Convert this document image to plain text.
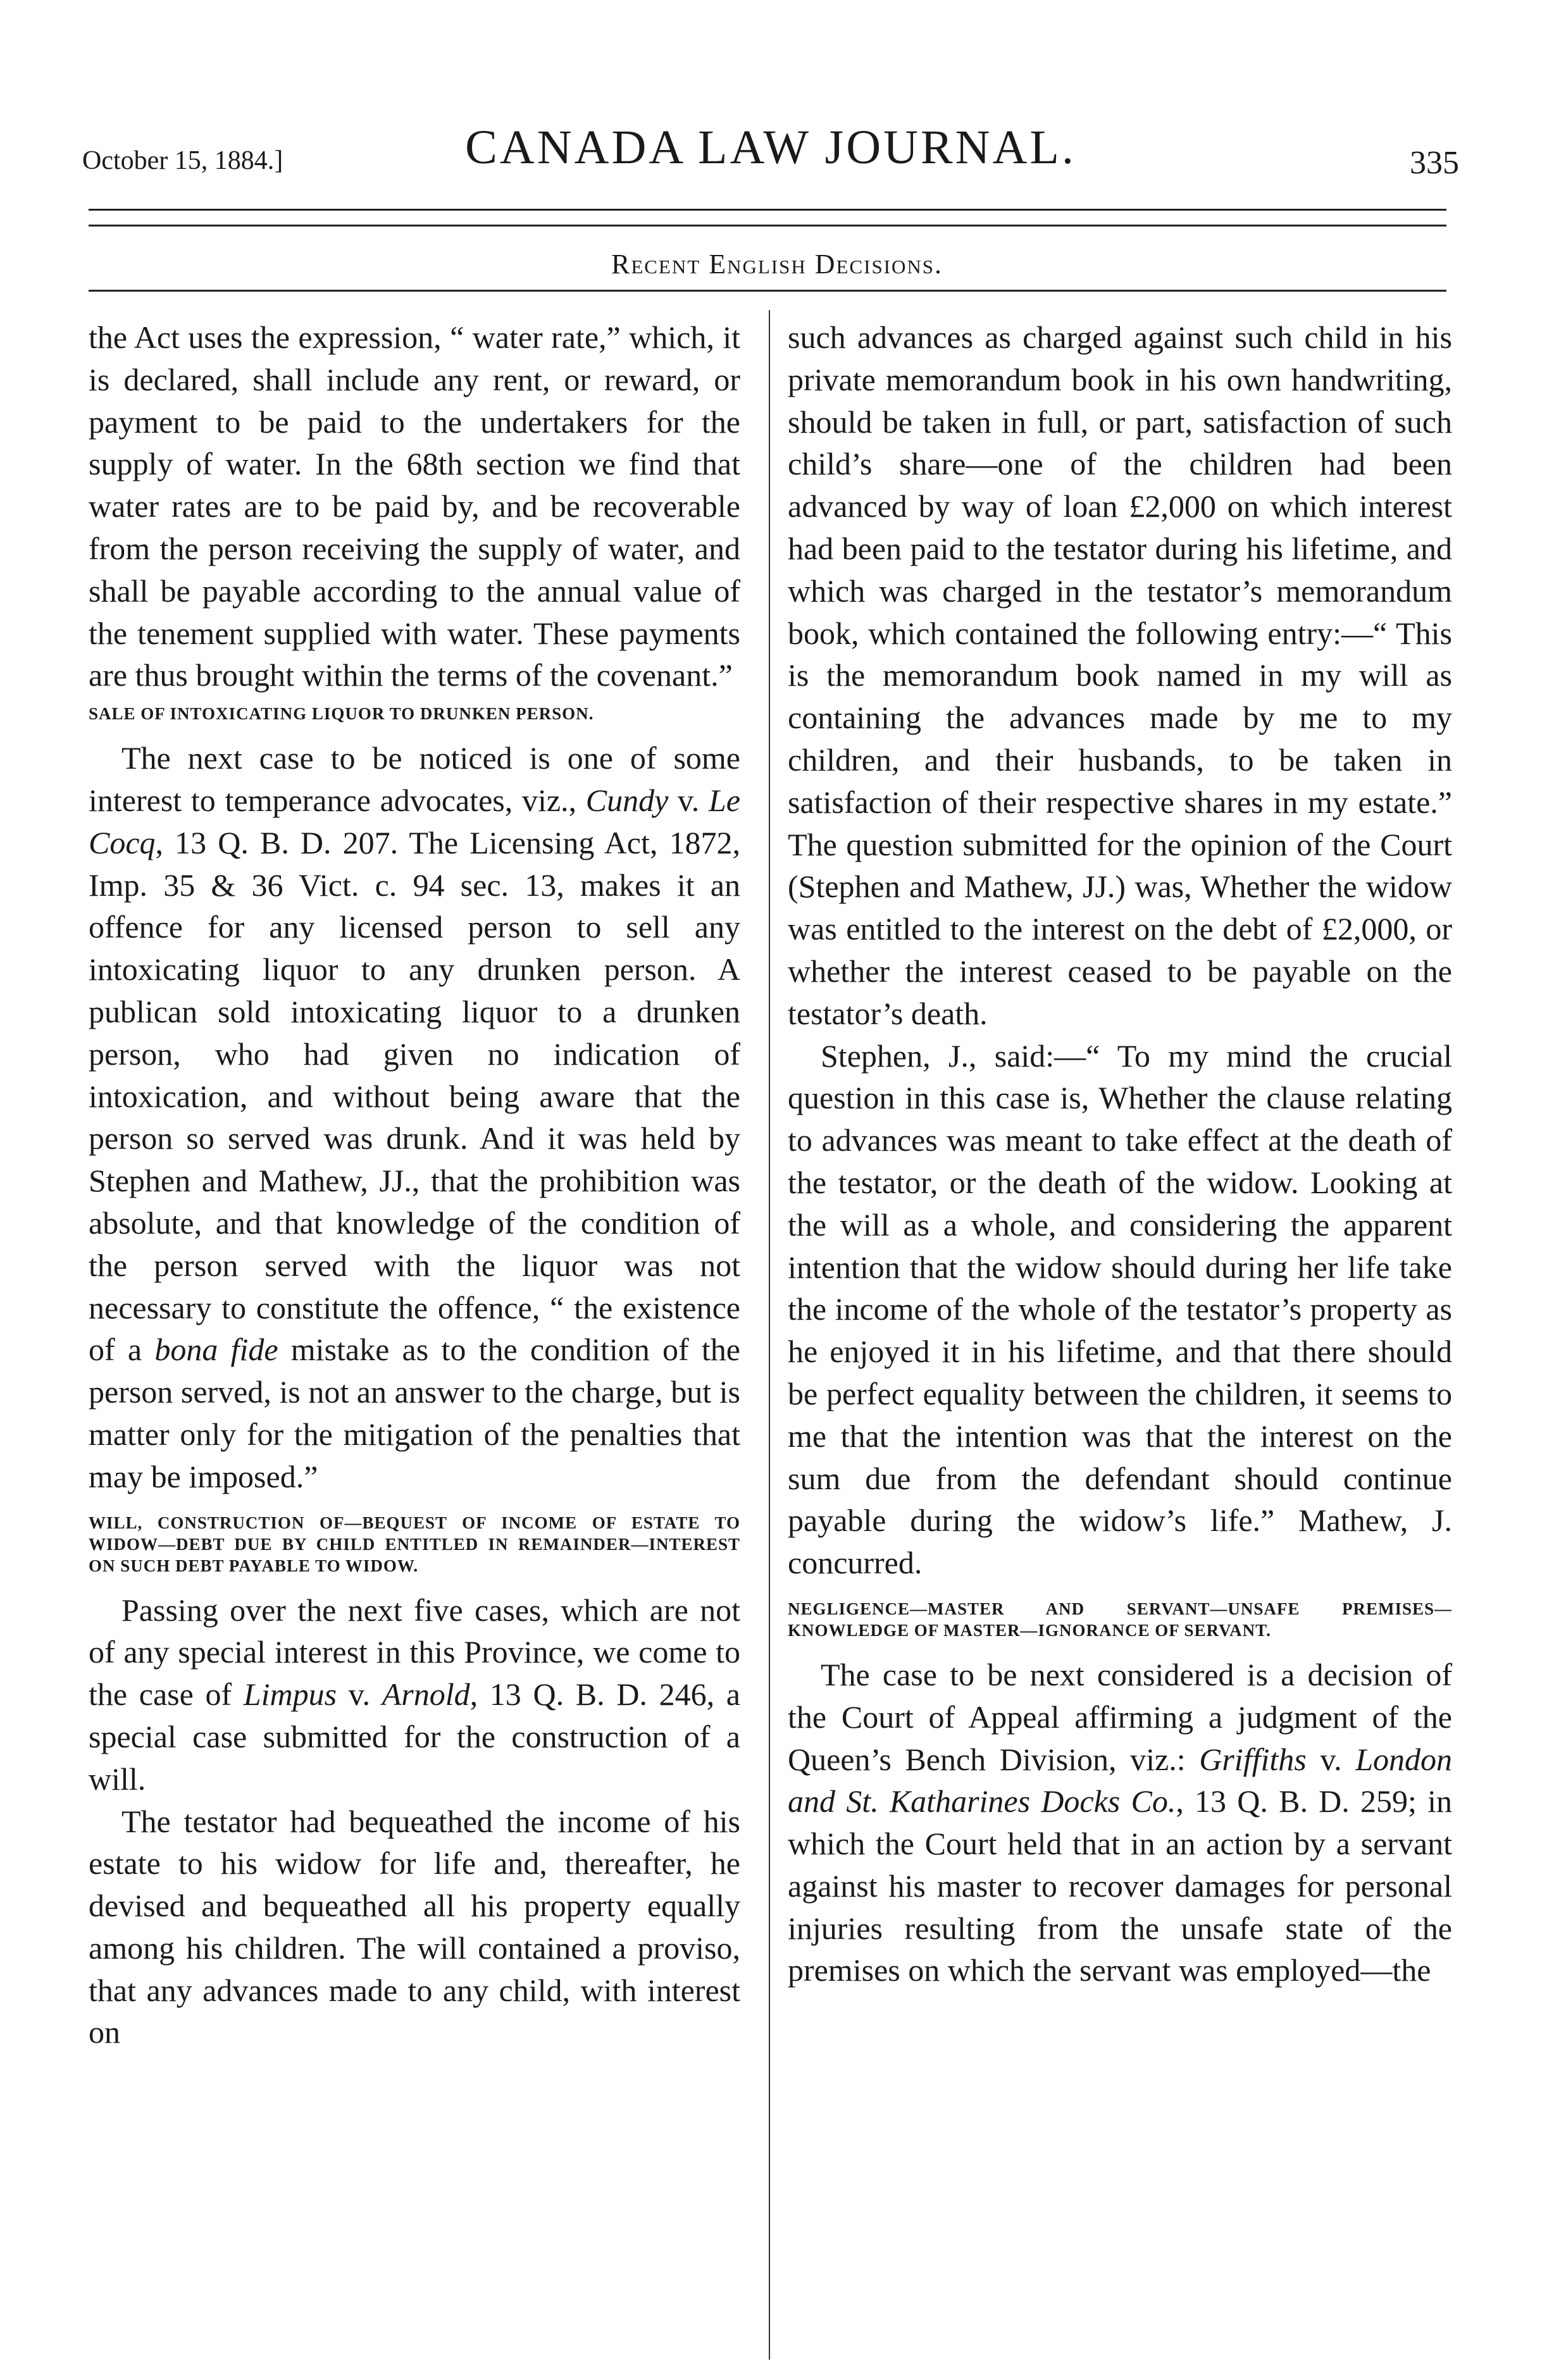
October 15, 1884.]	CANADA LAW JOURNAL.	335
Recent English Decisions.

the Act uses the expression, “ water rate,” which, it is declared, shall include any rent, or reward, or payment to be paid to the undertakers for the supply of water. In the 68th section we find that water rates are to be paid by, and be recoverable from the person receiving the supply of water, and shall be payable according to the annual value of the tenement supplied with water. These payments are thus brought within the terms of the covenant.”

SALE OF INTOXICATING LIQUOR TO DRUNKEN PERSON.

The next case to be noticed is one of some interest to temperance advocates, viz., Cundy v. Le Cocq, 13 Q. B. D. 207. The Licensing Act, 1872, Imp. 35 & 36 Vict. c. 94 sec. 13, makes it an offence for any licensed person to sell any intoxicating liquor to any drunken person. A publican sold intoxicating liquor to a drunken person, who had given no indication of intoxication, and without being aware that the person so served was drunk. And it was held by Stephen and Mathew, JJ., that the prohibition was absolute, and that knowledge of the condition of the person served with the liquor was not necessary to constitute the offence, “ the existence of a bona fide mistake as to the condition of the person served, is not an answer to the charge, but is matter only for the mitigation of the penalties that may be imposed.”

WILL, CONSTRUCTION OF—BEQUEST OF INCOME OF ESTATE TO WIDOW—DEBT DUE BY CHILD ENTITLED IN REMAINDER—INTEREST ON SUCH DEBT PAYABLE TO WIDOW.

Passing over the next five cases, which are not of any special interest in this Province, we come to the case of Limpus v. Arnold, 13 Q. B. D. 246, a special case submitted for the construction of a will.

The testator had bequeathed the income of his estate to his widow for life and, thereafter, he devised and bequeathed all his property equally among his children. The will contained a proviso, that any advances made to any child, with interest on

such advances as charged against such child in his private memorandum book in his own handwriting, should be taken in full, or part, satisfaction of such child’s share—one of the children had been advanced by way of loan £2,000 on which interest had been paid to the testator during his lifetime, and which was charged in the testator’s memorandum book, which contained the following entry:—“ This is the memorandum book named in my will as containing the advances made by me to my children, and their husbands, to be taken in satisfaction of their respective shares in my estate.” The question submitted for the opinion of the Court (Stephen and Mathew, JJ.) was, Whether the widow was entitled to the interest on the debt of £2,000, or whether the interest ceased to be payable on the testator’s death.

Stephen, J., said:—“ To my mind the crucial question in this case is, Whether the clause relating to advances was meant to take effect at the death of the testator, or the death of the widow. Looking at the will as a whole, and considering the apparent intention that the widow should during her life take the income of the whole of the testator’s property as he enjoyed it in his lifetime, and that there should be perfect equality between the children, it seems to me that the intention was that the interest on the sum due from the defendant should continue payable during the widow’s life.” Mathew, J. concurred.

NEGLIGENCE—MASTER AND SERVANT—UNSAFE PREMISES—KNOWLEDGE OF MASTER—IGNORANCE OF SERVANT.

The case to be next considered is a decision of the Court of Appeal affirming a judgment of the Queen’s Bench Division, viz.: Griffiths v. London and St. Katharines Docks Co., 13 Q. B. D. 259; in which the Court held that in an action by a servant against his master to recover damages for personal injuries resulting from the unsafe state of the premises on which the servant was employed—the
